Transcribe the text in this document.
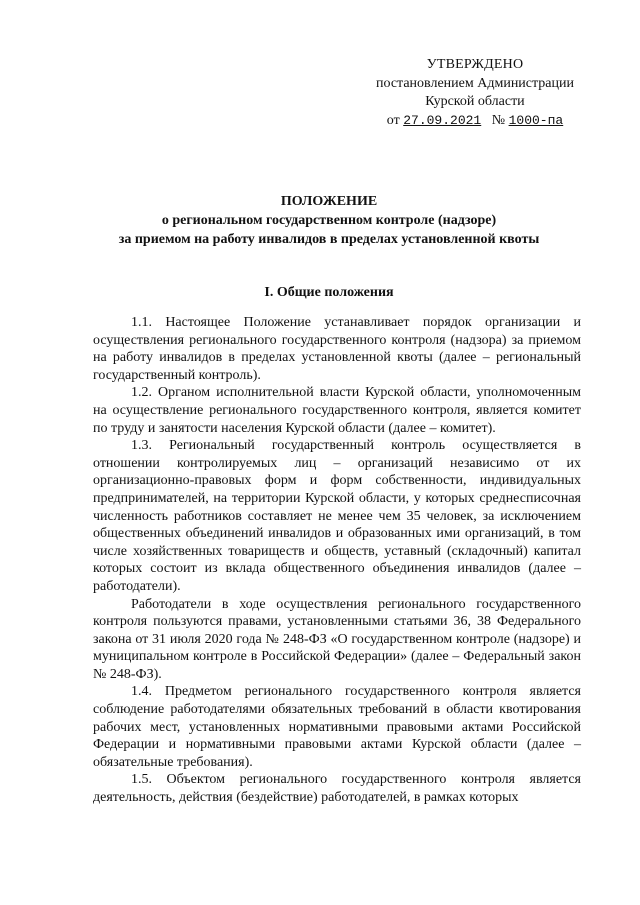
УТВЕРЖДЕНО
постановлением Администрации
Курской области
от 27.09.2021 № 1000-па
ПОЛОЖЕНИЕ
о региональном государственном контроле (надзоре)
за приемом на работу инвалидов в пределах установленной квоты
I. Общие положения

1.1. Настоящее Положение устанавливает порядок организации и осуществления регионального государственного контроля (надзора) за приемом на работу инвалидов в пределах установленной квоты (далее – региональный государственный контроль).

1.2. Органом исполнительной власти Курской области, уполномоченным на осуществление регионального государственного контроля, является комитет по труду и занятости населения Курской области (далее – комитет).

1.3. Региональный государственный контроль осуществляется в отношении контролируемых лиц – организаций независимо от их организационно-правовых форм и форм собственности, индивидуальных предпринимателей, на территории Курской области, у которых среднесписочная численность работников составляет не менее чем 35 человек, за исключением общественных объединений инвалидов и образованных ими организаций, в том числе хозяйственных товариществ и обществ, уставный (складочный) капитал которых состоит из вклада общественного объединения инвалидов (далее – работодатели).

Работодатели в ходе осуществления регионального государственного контроля пользуются правами, установленными статьями 36, 38 Федерального закона от 31 июля 2020 года № 248-ФЗ «О государственном контроле (надзоре) и муниципальном контроле в Российской Федерации» (далее – Федеральный закон № 248-ФЗ).

1.4. Предметом регионального государственного контроля является соблюдение работодателями обязательных требований в области квотирования рабочих мест, установленных нормативными правовыми актами Российской Федерации и нормативными правовыми актами Курской области (далее – обязательные требования).

1.5. Объектом регионального государственного контроля является деятельность, действия (бездействие) работодателей, в рамках которых
